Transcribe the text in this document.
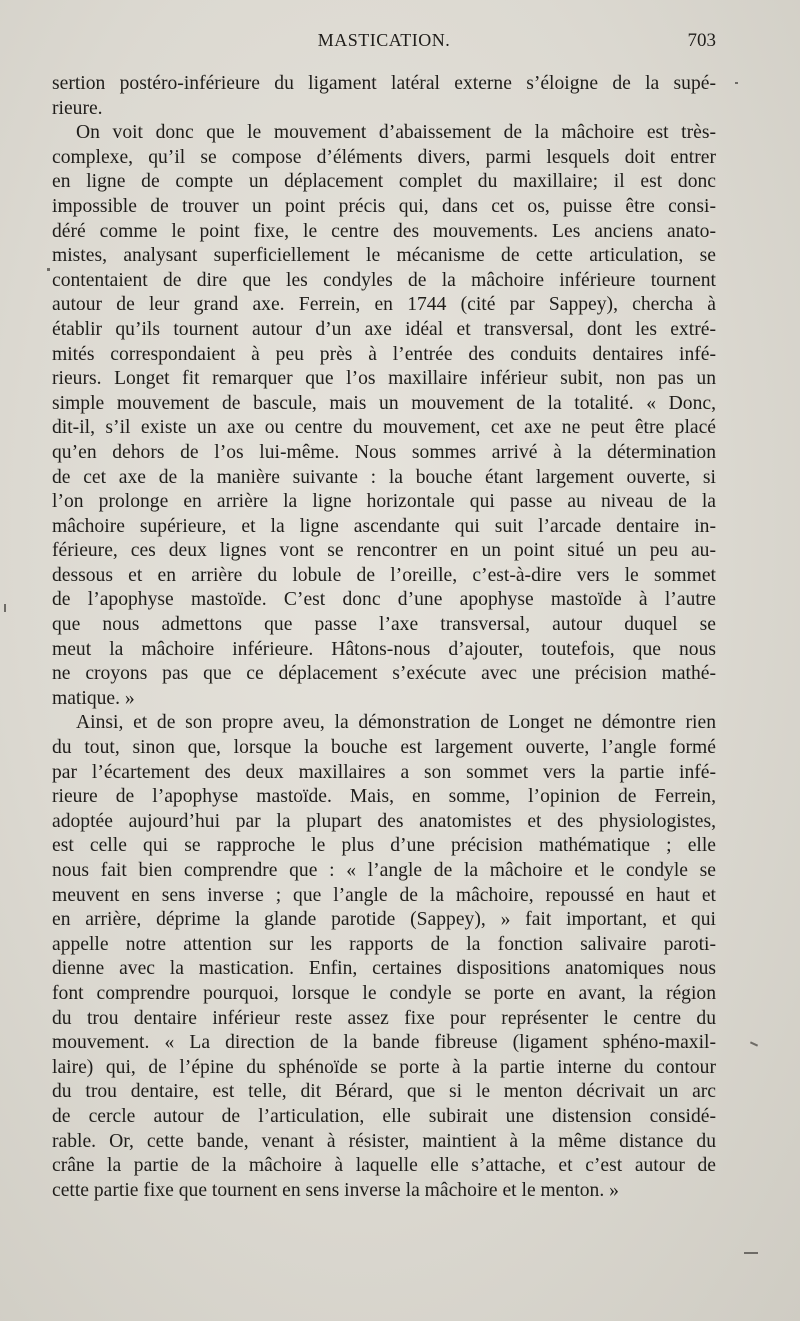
MASTICATION.	703
sertion postéro-inférieure du ligament latéral externe s’éloigne de la supé-
rieure.
On voit donc que le mouvement d’abaissement de la mâchoire est très-
complexe, qu’il se compose d’éléments divers, parmi lesquels doit entrer
en ligne de compte un déplacement complet du maxillaire; il est donc
impossible de trouver un point précis qui, dans cet os, puisse être consi-
déré comme le point fixe, le centre des mouvements. Les anciens anato-
mistes, analysant superficiellement le mécanisme de cette articulation, se
contentaient de dire que les condyles de la mâchoire inférieure tournent
autour de leur grand axe. Ferrein, en 1744 (cité par Sappey), chercha à
établir qu’ils tournent autour d’un axe idéal et transversal, dont les extré-
mités correspondaient à peu près à l’entrée des conduits dentaires infé-
rieurs. Longet fit remarquer que l’os maxillaire inférieur subit, non pas un
simple mouvement de bascule, mais un mouvement de la totalité. « Donc,
dit-il, s’il existe un axe ou centre du mouvement, cet axe ne peut être placé
qu’en dehors de l’os lui-même. Nous sommes arrivé à la détermination
de cet axe de la manière suivante : la bouche étant largement ouverte, si
l’on prolonge en arrière la ligne horizontale qui passe au niveau de la
mâchoire supérieure, et la ligne ascendante qui suit l’arcade dentaire in-
férieure, ces deux lignes vont se rencontrer en un point situé un peu au-
dessous et en arrière du lobule de l’oreille, c’est-à-dire vers le sommet
de l’apophyse mastoïde. C’est donc d’une apophyse mastoïde à l’autre
que nous admettons que passe l’axe transversal, autour duquel se
meut la mâchoire inférieure. Hâtons-nous d’ajouter, toutefois, que nous
ne croyons pas que ce déplacement s’exécute avec une précision mathé-
matique. »
Ainsi, et de son propre aveu, la démonstration de Longet ne démontre rien
du tout, sinon que, lorsque la bouche est largement ouverte, l’angle formé
par l’écartement des deux maxillaires a son sommet vers la partie infé-
rieure de l’apophyse mastoïde. Mais, en somme, l’opinion de Ferrein,
adoptée aujourd’hui par la plupart des anatomistes et des physiologistes,
est celle qui se rapproche le plus d’une précision mathématique ; elle
nous fait bien comprendre que : « l’angle de la mâchoire et le condyle se
meuvent en sens inverse ; que l’angle de la mâchoire, repoussé en haut et
en arrière, déprime la glande parotide (Sappey), » fait important, et qui
appelle notre attention sur les rapports de la fonction salivaire paroti-
dienne avec la mastication. Enfin, certaines dispositions anatomiques nous
font comprendre pourquoi, lorsque le condyle se porte en avant, la région
du trou dentaire inférieur reste assez fixe pour représenter le centre du
mouvement. « La direction de la bande fibreuse (ligament sphéno-maxil-
laire) qui, de l’épine du sphénoïde se porte à la partie interne du contour
du trou dentaire, est telle, dit Bérard, que si le menton décrivait un arc
de cercle autour de l’articulation, elle subirait une distension considé-
rable. Or, cette bande, venant à résister, maintient à la même distance du
crâne la partie de la mâchoire à laquelle elle s’attache, et c’est autour de
cette partie fixe que tournent en sens inverse la mâchoire et le menton. »
